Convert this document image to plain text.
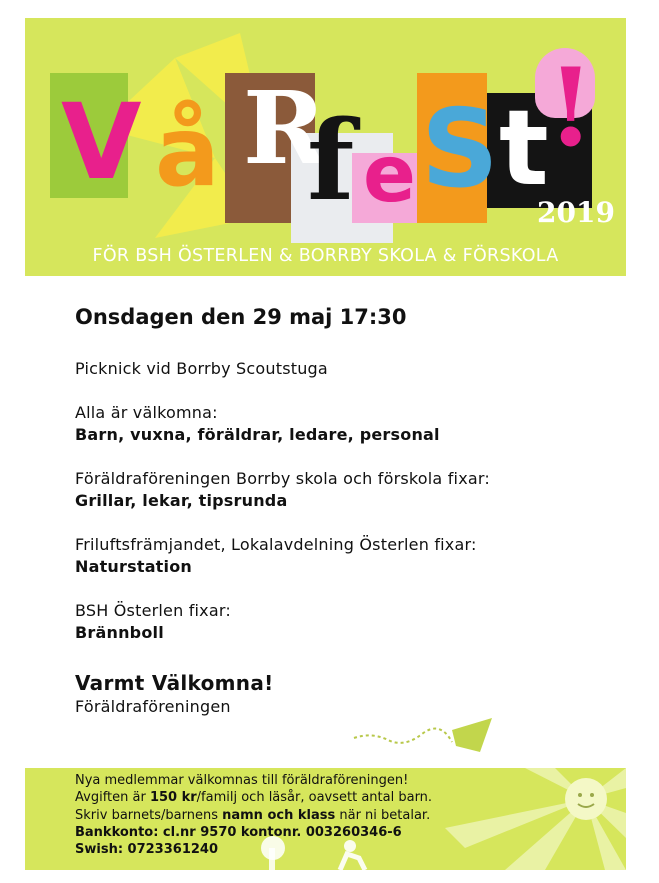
V å R
f e S t
!
2019
FÖR BSH ÖSTERLEN & BORRBY SKOLA & FÖRSKOLA
Onsdagen den 29 maj 17:30
Picknick vid Borrby Scoutstuga
Alla är välkomna:
Barn, vuxna, föräldrar, ledare, personal
Föräldraföreningen Borrby skola och förskola fixar:
Grillar, lekar, tipsrunda
Friluftsfrämjandet, Lokalavdelning Österlen fixar:
Naturstation
BSH Österlen fixar:
Brännboll
Varmt Välkomna!
Föräldraföreningen
Nya medlemmar välkomnas till föräldraföreningen!
Avgiften är 150 kr/familj och läsår, oavsett antal barn.
Skriv barnets/barnens namn och klass när ni betalar.
Bankkonto: cl.nr 9570 kontonr. 003260346-6
Swish: 0723361240
